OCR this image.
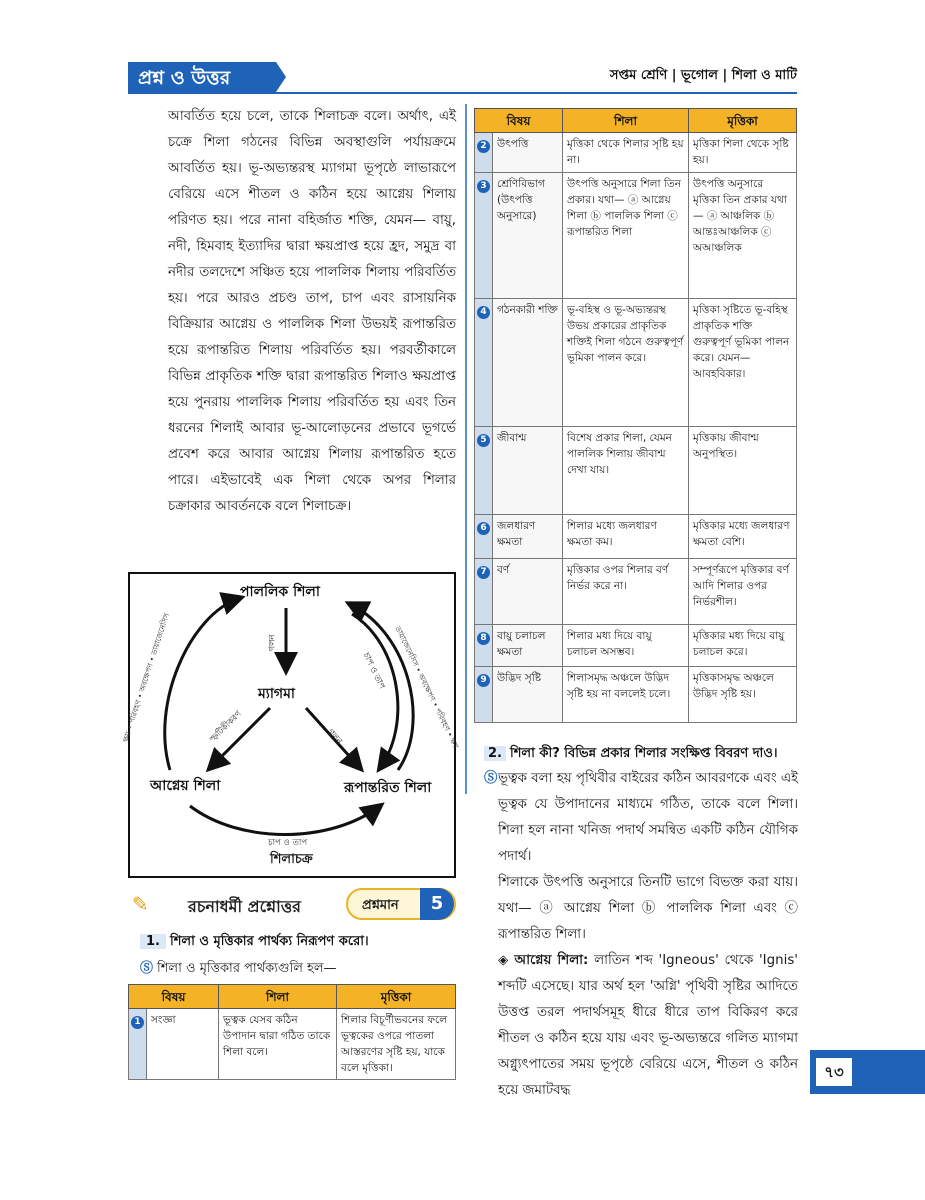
প্রশ্ন ও উত্তর	সপ্তম শ্রেণি | ভূগোল | শিলা ও মাটি

আবর্তিত হয়ে চলে, তাকে শিলাচক্র বলে। অর্থাৎ, এই চক্রে শিলা গঠনের বিভিন্ন অবস্থাগুলি পর্যায়ক্রমে আবর্তিত হয়। ভূ-অভ্যন্তরস্থ ম্যাগমা ভূপৃষ্ঠে লাভারূপে বেরিয়ে এসে শীতল ও কঠিন হয়ে আগ্নেয় শিলায় পরিণত হয়। পরে নানা বহির্জাত শক্তি, যেমন— বায়ু, নদী, হিমবাহ ইত্যাদির দ্বারা ক্ষয়প্রাপ্ত হয়ে হ্রদ, সমুদ্র বা নদীর তলদেশে সঞ্চিত হয়ে পাললিক শিলায় পরিবর্তিত হয়। পরে আরও প্রচণ্ড তাপ, চাপ এবং রাসায়নিক বিক্রিয়ার আগ্নেয় ও পাললিক শিলা উভয়ই রূপান্তরিত হয়ে রূপান্তরিত শিলায় পরিবর্তিত হয়। পরবর্তীকালে বিভিন্ন প্রাকৃতিক শক্তি দ্বারা রূপান্তরিত শিলাও ক্ষয়প্রাপ্ত হয়ে পুনরায় পাললিক শিলায় পরিবর্তিত হয় এবং তিন ধরনের শিলাই আবার ভূ-আলোড়নের প্রভাবে ভূগর্ভে প্রবেশ করে আবার আগ্নেয় শিলায় রূপান্তরিত হতে পারে। এইভাবেই এক শিলা থেকে অপর শিলার চক্রাকার আবর্তনকে বলে শিলাচক্র।

পাললিক শিলা
ম্যাগমা
আগ্নেয় শিলা	রূপান্তরিত শিলা
গলন
স্ফটিকীকরণ	গলন
চাপ ও তাপ
চাপ ও তাপ
ক্ষয় • পরিবহণ • অবক্ষেপণ • ডায়াজেনেসিস	ডায়াজেনেসিস • অবক্ষেপণ • পরিবহণ • ক্ষয়
শিলাচক্র
✎ রচনাধর্মী প্রশ্নোত্তর	প্রশ্নমান	5
1. শিলা ও মৃত্তিকার পার্থক্য নিরূপণ করো।
Ⓢ শিলা ও মৃত্তিকার পার্থক্যগুলি হল—
বিষয়		শিলা	মৃত্তিকা
1	সংজ্ঞা	ভূত্বক যেসব কঠিন উপাদান দ্বারা গঠিত তাকে শিলা বলে।	শিলার বিচূর্ণীভবনের ফলে ভূত্বকের ওপরে পাতলা আস্তরণের সৃষ্টি হয়, যাকে বলে মৃত্তিকা।
বিষয়		শিলা	মৃত্তিকা
2	উৎপত্তি	মৃত্তিকা থেকে শিলার সৃষ্টি হয় না।	মৃত্তিকা শিলা থেকে সৃষ্টি হয়।
3	শ্রেণিবিভাগ (উৎপত্তি অনুসারে)	উৎপত্তি অনুসারে শিলা তিন প্রকার। যথা— ⓐ আগ্নেয় শিলা ⓑ পাললিক শিলা ⓒ রূপান্তরিত শিলা	উৎপত্তি অনুসারে মৃত্তিকা তিন প্রকার যথা— ⓐ আঞ্চলিক ⓑ আন্তঃআঞ্চলিক ⓒ অআঞ্চলিক
4	গঠনকারী শক্তি	ভূ-বহিস্থ ও ভূ-অভ্যন্তরস্থ উভয় প্রকারের প্রাকৃতিক শক্তিই শিলা গঠনে গুরুত্বপূর্ণ ভূমিকা পালন করে।	মৃত্তিকা সৃষ্টিতে ভূ-বহিস্থ প্রাকৃতিক শক্তি গুরুত্বপূর্ণ ভূমিকা পালন করে। যেমন—আবহবিকার।
5	জীবাশ্ম	বিশেষ প্রকার শিলা, যেমন পাললিক শিলায় জীবাশ্ম দেখা যায়।	মৃত্তিকায় জীবাশ্ম অনুপস্থিত।
6	জলধারণ ক্ষমতা	শিলার মধ্যে জলধারণ ক্ষমতা কম।	মৃত্তিকার মধ্যে জলধারণ ক্ষমতা বেশি।
7	বর্ণ	মৃত্তিকার ওপর শিলার বর্ণ নির্ভর করে না।	সম্পূর্ণরূপে মৃত্তিকার বর্ণ আদি শিলার ওপর নির্ভরশীল।
8	বায়ু চলাচল ক্ষমতা	শিলার মধ্য দিয়ে বায়ু চলাচল অসম্ভব।	মৃত্তিকার মধ্য দিয়ে বায়ু চলাচল করে।
9	উদ্ভিদ সৃষ্টি	শিলাসমৃদ্ধ অঞ্চলে উদ্ভিদ সৃষ্টি হয় না বললেই চলে।	মৃত্তিকাসমৃদ্ধ অঞ্চলে উদ্ভিদ সৃষ্টি হয়।
2. শিলা কী? বিভিন্ন প্রকার শিলার সংক্ষিপ্ত বিবরণ দাও।
Ⓢ ভূত্বক বলা হয় পৃথিবীর বাইরের কঠিন আবরণকে এবং এই ভূত্বক যে উপাদানের মাধ্যমে গঠিত, তাকে বলে শিলা। শিলা হল নানা খনিজ পদার্থ সমন্বিত একটি কঠিন যৌগিক পদার্থ।

শিলাকে উৎপত্তি অনুসারে তিনটি ভাগে বিভক্ত করা যায়। যথা— ⓐ আগ্নেয় শিলা ⓑ পাললিক শিলা এবং ⓒ রূপান্তরিত শিলা।

◈ আগ্নেয় শিলা: লাতিন শব্দ 'Igneous' থেকে 'Ignis' শব্দটি এসেছে। যার অর্থ হল 'অগ্নি' পৃথিবী সৃষ্টির আদিতে উত্তপ্ত তরল পদার্থসমূহ ধীরে ধীরে তাপ বিকিরণ করে শীতল ও কঠিন হয়ে যায় এবং ভূ-অভ্যন্তরে গলিত ম্যাগমা অগ্ন্যুৎপাতের সময় ভূপৃষ্ঠে বেরিয়ে এসে, শীতল ও কঠিন হয়ে জমাটবদ্ধ

৭৩
